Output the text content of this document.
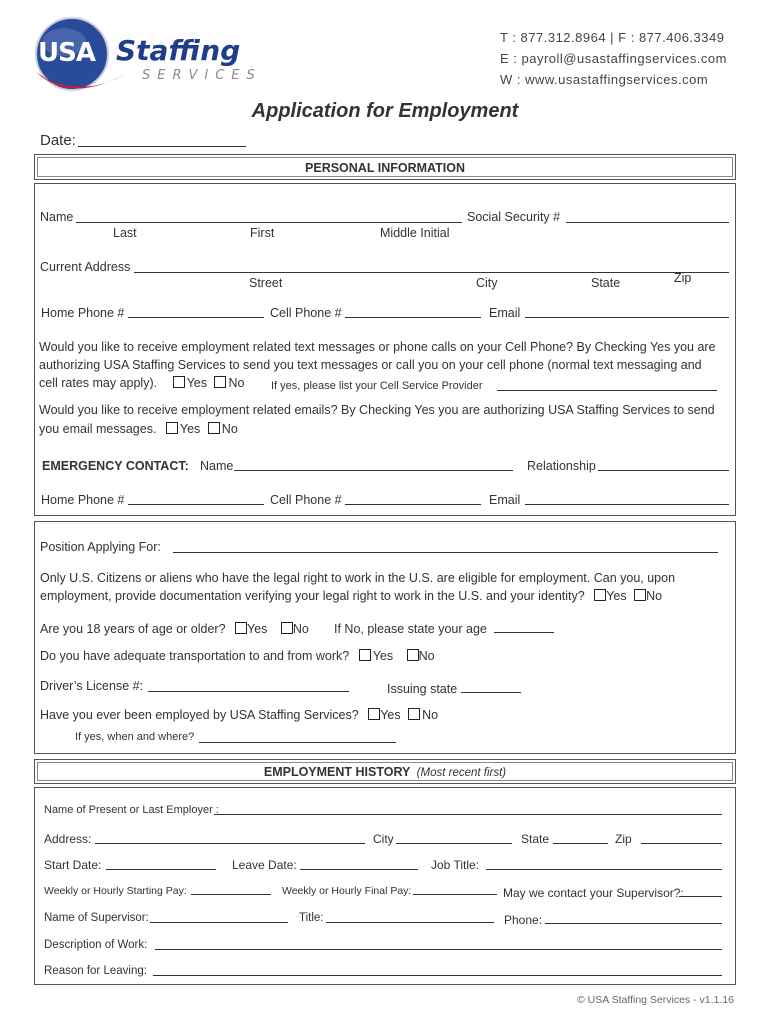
USA Staffing
SERVICES
T : 877.312.8964 | F : 877.406.3349
E : payroll@usastaffingservices.com
W : www.usastaffingservices.com
Application for Employment
Date:
PERSONAL INFORMATION
Name	Social Security #
Last	First	Middle Initial
Current Address
Street	City	State	Zip
Home Phone #	Cell Phone #	Email
Would you like to receive employment related text messages or phone calls on your Cell Phone? By Checking Yes you are
authorizing USA Staffing Services to send you text messages or call you on your cell phone (normal text messaging and
cell rates may apply). Yes No If yes, please list your Cell Service Provider
Would you like to receive employment related emails? By Checking Yes you are authorizing USA Staffing Services to send
you email messages. Yes No
EMERGENCY CONTACT: Name	Relationship
Home Phone #	Cell Phone #	Email
Position Applying For:
Only U.S. Citizens or aliens who have the legal right to work in the U.S. are eligible for employment. Can you, upon
employment, provide documentation verifying your legal right to work in the U.S. and your identity? Yes No
Are you 18 years of age or older? Yes No If No, please state your age
Do you have adequate transportation to and from work? Yes No
Driver’s License #:	Issuing state
Have you ever been employed by USA Staffing Services? Yes No
If yes, when and where?
EMPLOYMENT HISTORY (Most recent first)
Name of Present or Last Employer :
Address:	City	State	Zip
Start Date:	Leave Date:	Job Title:
Weekly or Hourly Starting Pay:	Weekly or Hourly Final Pay:	May we contact your Supervisor?:
Name of Supervisor:	Title:	Phone:
Description of Work:
Reason for Leaving:
© USA Staffing Services - v1.1.16
